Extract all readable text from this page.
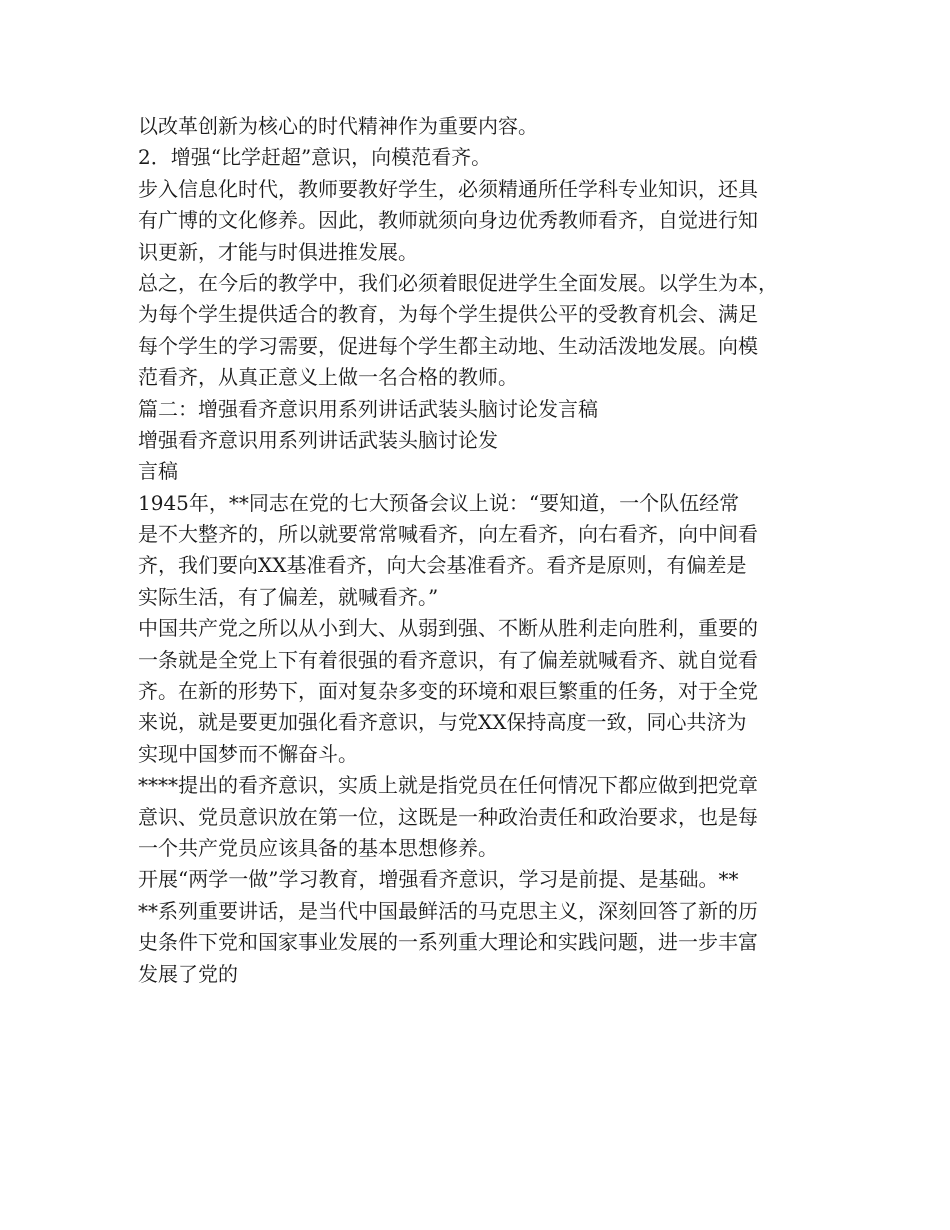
以改革创新为核心的时代精神作为重要内容。
2．增强“比学赶超”意识，向模范看齐。
步入信息化时代，教师要教好学生，必须精通所任学科专业知识，还具
有广博的文化修养。因此，教师就须向身边优秀教师看齐，自觉进行知
识更新，才能与时俱进推发展。
总之，在今后的教学中，我们必须着眼促进学生全面发展。以学生为本，
为每个学生提供适合的教育，为每个学生提供公平的受教育机会、满足
每个学生的学习需要，促进每个学生都主动地、生动活泼地发展。向模
范看齐，从真正意义上做一名合格的教师。
篇二：增强看齐意识用系列讲话武装头脑讨论发言稿
增强看齐意识用系列讲话武装头脑讨论发
言稿
1945年，**同志在党的七大预备会议上说：“要知道，一个队伍经常
是不大整齐的，所以就要常常喊看齐，向左看齐，向右看齐，向中间看
齐，我们要向XX基准看齐，向大会基准看齐。看齐是原则，有偏差是
实际生活，有了偏差，就喊看齐。”
中国共产党之所以从小到大、从弱到强、不断从胜利走向胜利，重要的
一条就是全党上下有着很强的看齐意识，有了偏差就喊看齐、就自觉看
齐。在新的形势下，面对复杂多变的环境和艰巨繁重的任务，对于全党
来说，就是要更加强化看齐意识，与党XX保持高度一致，同心共济为
实现中国梦而不懈奋斗。
****提出的看齐意识，实质上就是指党员在任何情况下都应做到把党章
意识、党员意识放在第一位，这既是一种政治责任和政治要求，也是每
一个共产党员应该具备的基本思想修养。
开展“两学一做”学习教育，增强看齐意识，学习是前提、是基础。**
**系列重要讲话，是当代中国最鲜活的马克思主义，深刻回答了新的历
史条件下党和国家事业发展的一系列重大理论和实践问题，进一步丰富
发展了党的
